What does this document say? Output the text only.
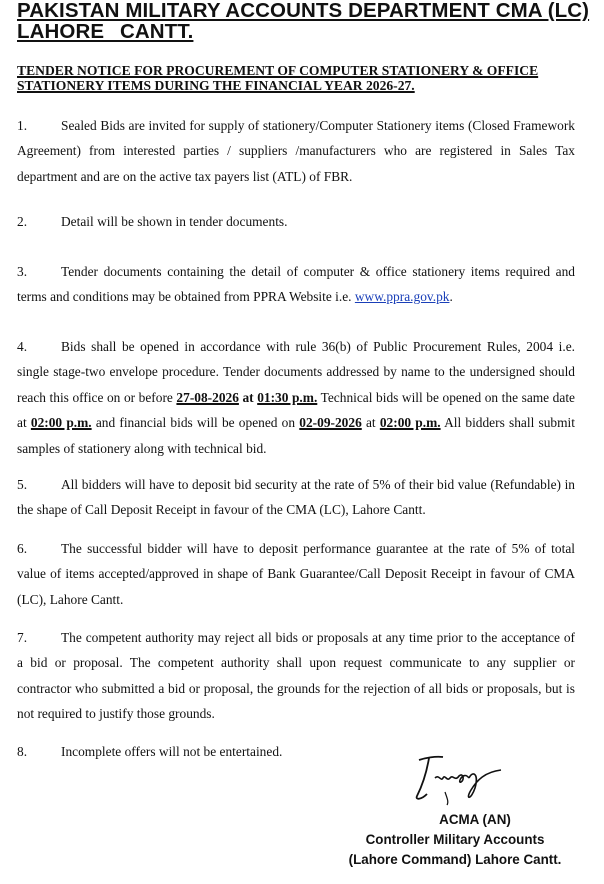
PAKISTAN MILITARY ACCOUNTS DEPARTMENT CMA (LC)
LAHORE CANTT.
TENDER NOTICE FOR PROCUREMENT OF COMPUTER STATIONERY & OFFICE STATIONERY ITEMS DURING THE FINANCIAL YEAR 2026-27.
1.	Sealed Bids are invited for supply of stationery/Computer Stationery items (Closed Framework Agreement) from interested parties / suppliers /manufacturers who are registered in Sales Tax department and are on the active tax payers list (ATL) of FBR.
2.	Detail will be shown in tender documents.
3.	Tender documents containing the detail of computer & office stationery items required and terms and conditions may be obtained from PPRA Website i.e. www.ppra.gov.pk.
4.	Bids shall be opened in accordance with rule 36(b) of Public Procurement Rules, 2004 i.e. single stage-two envelope procedure. Tender documents addressed by name to the undersigned should reach this office on or before 27-08-2026 at 01:30 p.m. Technical bids will be opened on the same date at 02:00 p.m. and financial bids will be opened on 02-09-2026 at 02:00 p.m. All bidders shall submit samples of stationery along with technical bid.
5.	All bidders will have to deposit bid security at the rate of 5% of their bid value (Refundable) in the shape of Call Deposit Receipt in favour of the CMA (LC), Lahore Cantt.
6.	The successful bidder will have to deposit performance guarantee at the rate of 5% of total value of items accepted/approved in shape of Bank Guarantee/Call Deposit Receipt in favour of CMA (LC), Lahore Cantt.
7.	The competent authority may reject all bids or proposals at any time prior to the acceptance of a bid or proposal. The competent authority shall upon request communicate to any supplier or contractor who submitted a bid or proposal, the grounds for the rejection of all bids or proposals, but is not required to justify those grounds.
8.	Incomplete offers will not be entertained.
ACMA (AN)
Controller Military Accounts
(Lahore Command) Lahore Cantt.
